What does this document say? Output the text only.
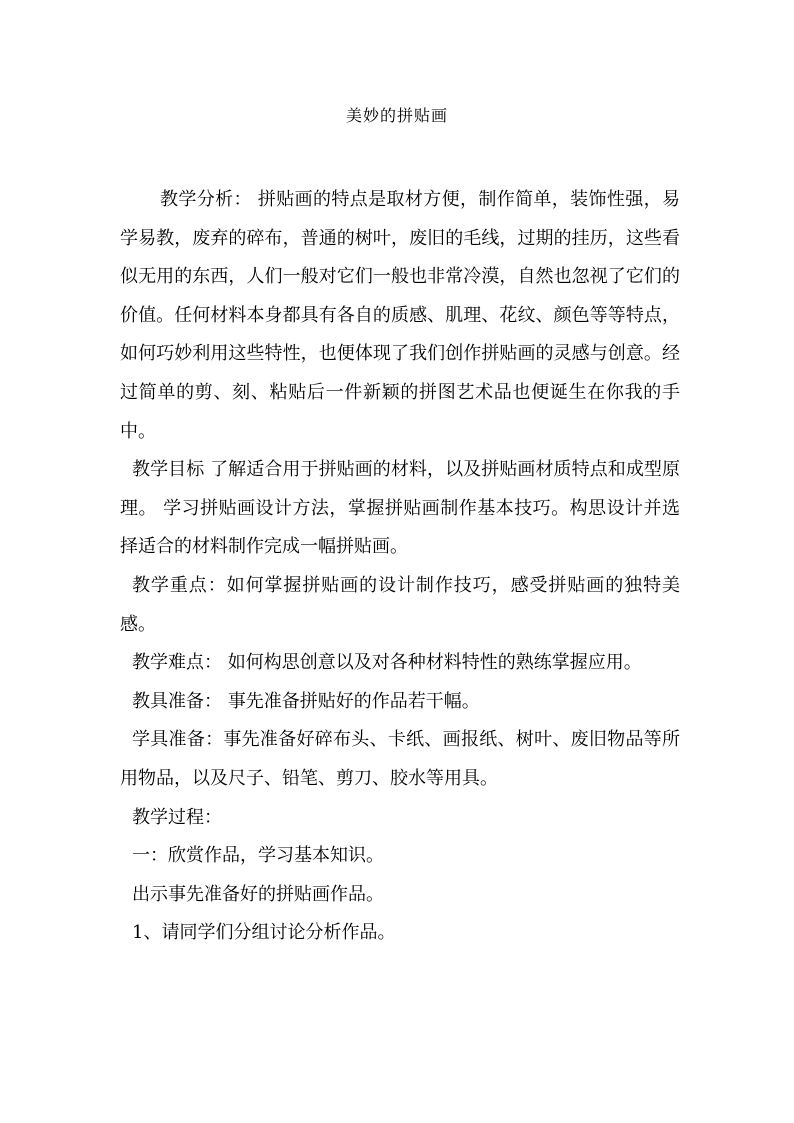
美妙的拼贴画

教学分析： 拼贴画的特点是取材方便，制作简单，装饰性强，易学易教，废弃的碎布，普通的树叶，废旧的毛线，过期的挂历，这些看似无用的东西，人们一般对它们一般也非常冷漠，自然也忽视了它们的价值。任何材料本身都具有各自的质感、肌理、花纹、颜色等等特点，如何巧妙利用这些特性，也便体现了我们创作拼贴画的灵感与创意。经过简单的剪、刻、粘贴后一件新颖的拼图艺术品也便诞生在你我的手中。

教学目标 了解适合用于拼贴画的材料，以及拼贴画材质特点和成型原理。 学习拼贴画设计方法，掌握拼贴画制作基本技巧。构思设计并选择适合的材料制作完成一幅拼贴画。

教学重点：如何掌握拼贴画的设计制作技巧，感受拼贴画的独特美感。

教学难点： 如何构思创意以及对各种材料特性的熟练掌握应用。

教具准备： 事先准备拼贴好的作品若干幅。

学具准备：事先准备好碎布头、卡纸、画报纸、树叶、废旧物品等所用物品，以及尺子、铅笔、剪刀、胶水等用具。

教学过程：

一：欣赏作品，学习基本知识。

出示事先准备好的拼贴画作品。

1、请同学们分组讨论分析作品。
